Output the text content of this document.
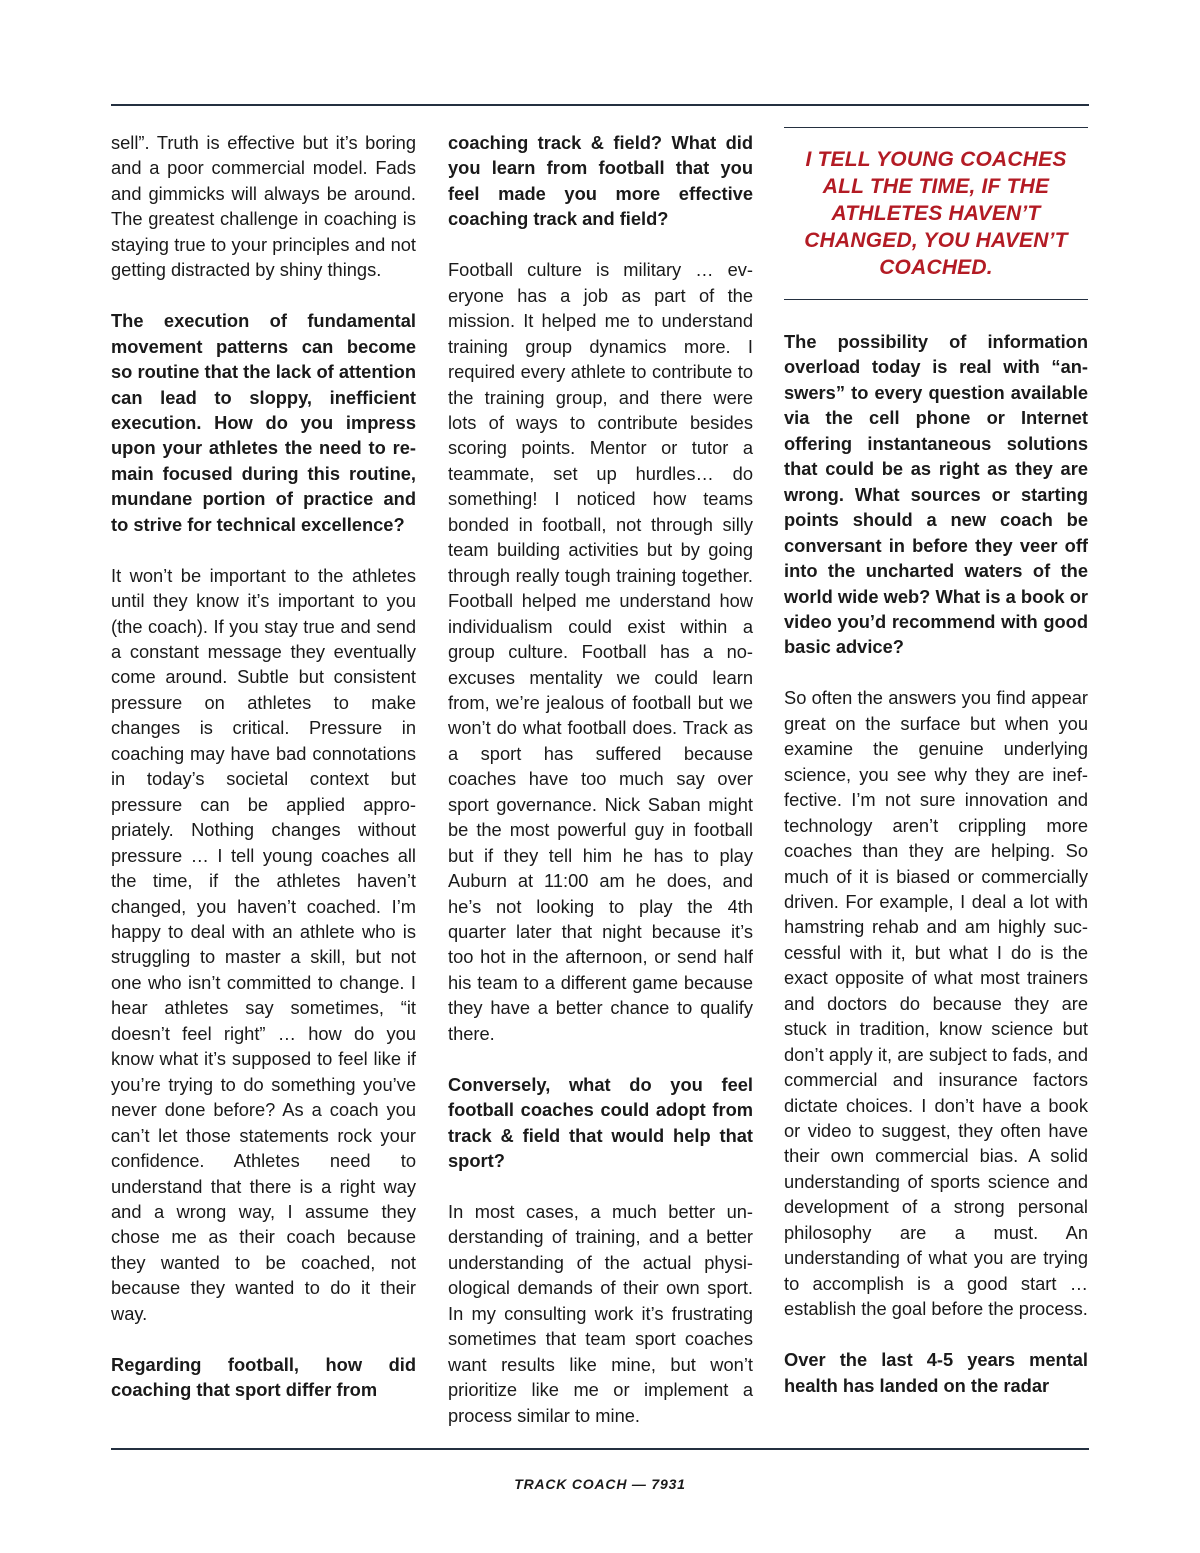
sell”. Truth is effective but it’s boring and a poor commercial model. Fads and gimmicks will always be around. The greatest challenge in coaching is staying true to your principles and not getting distracted by shiny things.

The execution of fundamental movement patterns can become so routine that the lack of attention can lead to sloppy, inefficient execution. How do you impress upon your athletes the need to remain focused during this routine, mundane portion of practice and to strive for technical excellence?

It won’t be important to the athletes until they know it’s important to you (the coach). If you stay true and send a constant message they eventually come around. Subtle but consistent pressure on athletes to make changes is critical. Pressure in coaching may have bad connotations in today’s societal context but pressure can be applied appropriately. Nothing changes without pressure … I tell young coaches all the time, if the athletes haven’t changed, you haven’t coached. I’m happy to deal with an athlete who is struggling to master a skill, but not one who isn’t committed to change. I hear athletes say sometimes, “it doesn’t feel right” … how do you know what it’s supposed to feel like if you’re trying to do something you’ve never done before? As a coach you can’t let those statements rock your confidence. Athletes need to understand that there is a right way and a wrong way, I assume they chose me as their coach because they wanted to be coached, not because they wanted to do it their way.

Regarding football, how did coaching that sport differ from

coaching track & field? What did you learn from football that you feel made you more effective coaching track and field?

Football culture is military … everyone has a job as part of the mission. It helped me to understand training group dynamics more. I required every athlete to contribute to the training group, and there were lots of ways to contribute besides scoring points. Mentor or tutor a teammate, set up hurdles… do something! I noticed how teams bonded in football, not through silly team building activities but by going through really tough training together. Football helped me understand how individualism could exist within a group culture. Football has a no-excuses mentality we could learn from, we’re jealous of football but we won’t do what football does. Track as a sport has suffered because coaches have too much say over sport governance. Nick Saban might be the most powerful guy in football but if they tell him he has to play Auburn at 11:00 am he does, and he’s not looking to play the 4th quarter later that night because it’s too hot in the afternoon, or send half his team to a different game because they have a better chance to qualify there.

Conversely, what do you feel football coaches could adopt from track & field that would help that sport?

In most cases, a much better understanding of training, and a better understanding of the actual physiological demands of their own sport. In my consulting work it’s frustrating sometimes that team sport coaches want results like mine, but won’t prioritize like me or implement a process similar to mine.

I TELL YOUNG COACHES ALL THE TIME, IF THE ATHLETES HAVEN’T CHANGED, YOU HAVEN’T COACHED.

The possibility of information overload today is real with “answers” to every question available via the cell phone or Internet offering instantaneous solutions that could be as right as they are wrong. What sources or starting points should a new coach be conversant in before they veer off into the uncharted waters of the world wide web? What is a book or video you’d recommend with good basic advice?

So often the answers you find appear great on the surface but when you examine the genuine underlying science, you see why they are ineffective. I’m not sure innovation and technology aren’t crippling more coaches than they are helping. So much of it is biased or commercially driven. For example, I deal a lot with hamstring rehab and am highly successful with it, but what I do is the exact opposite of what most trainers and doctors do because they are stuck in tradition, know science but don’t apply it, are subject to fads, and commercial and insurance factors dictate choices. I don’t have a book or video to suggest, they often have their own commercial bias. A solid understanding of sports science and development of a strong personal philosophy are a must. An understanding of what you are trying to accomplish is a good start … establish the goal before the process.

Over the last 4-5 years mental health has landed on the radar

TRACK COACH — 7931
